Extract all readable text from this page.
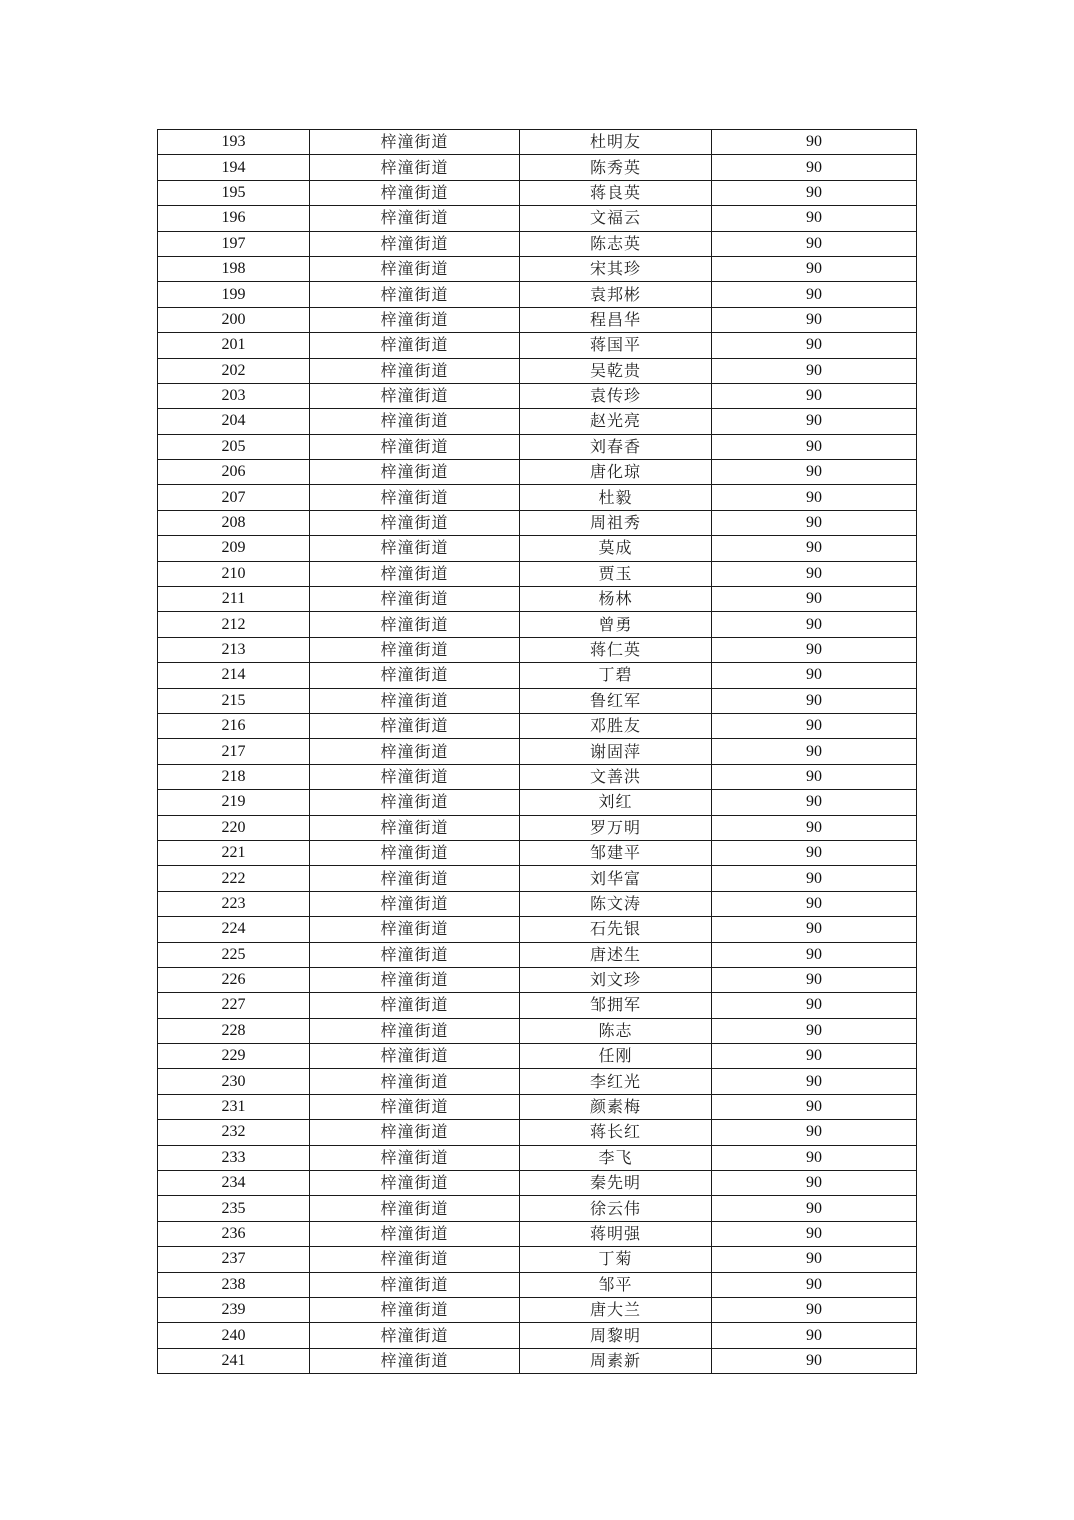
193	梓潼街道	杜明友	90
194	梓潼街道	陈秀英	90
195	梓潼街道	蒋良英	90
196	梓潼街道	文福云	90
197	梓潼街道	陈志英	90
198	梓潼街道	宋其珍	90
199	梓潼街道	袁邦彬	90
200	梓潼街道	程昌华	90
201	梓潼街道	蒋国平	90
202	梓潼街道	吴乾贵	90
203	梓潼街道	袁传珍	90
204	梓潼街道	赵光亮	90
205	梓潼街道	刘春香	90
206	梓潼街道	唐化琼	90
207	梓潼街道	杜毅	90
208	梓潼街道	周祖秀	90
209	梓潼街道	莫成	90
210	梓潼街道	贾玉	90
211	梓潼街道	杨林	90
212	梓潼街道	曾勇	90
213	梓潼街道	蒋仁英	90
214	梓潼街道	丁碧	90
215	梓潼街道	鲁红军	90
216	梓潼街道	邓胜友	90
217	梓潼街道	谢固萍	90
218	梓潼街道	文善洪	90
219	梓潼街道	刘红	90
220	梓潼街道	罗万明	90
221	梓潼街道	邹建平	90
222	梓潼街道	刘华富	90
223	梓潼街道	陈文涛	90
224	梓潼街道	石先银	90
225	梓潼街道	唐述生	90
226	梓潼街道	刘文珍	90
227	梓潼街道	邹拥军	90
228	梓潼街道	陈志	90
229	梓潼街道	任刚	90
230	梓潼街道	李红光	90
231	梓潼街道	颜素梅	90
232	梓潼街道	蒋长红	90
233	梓潼街道	李飞	90
234	梓潼街道	秦先明	90
235	梓潼街道	徐云伟	90
236	梓潼街道	蒋明强	90
237	梓潼街道	丁菊	90
238	梓潼街道	邹平	90
239	梓潼街道	唐大兰	90
240	梓潼街道	周黎明	90
241	梓潼街道	周素新	90
